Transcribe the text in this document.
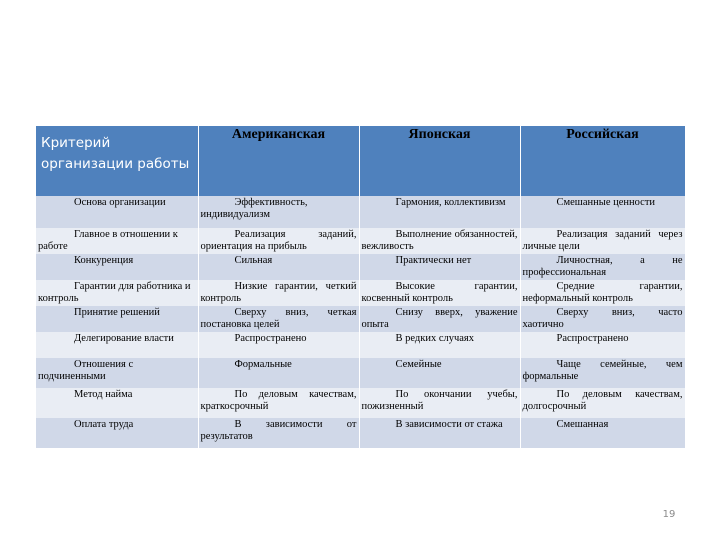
Критерий организации работы	Американская	Японская	Российская
Основа организации	Эффективность, индивидуализм	Гармония, коллективизм	Смешанные ценности
Главное в отношении к работе	Реализация заданий, ориентация на прибыль	Выполнение обязанностей, вежливость	Реализация заданий через личные цели
Конкуренция	Сильная	Практически нет	Личностная, а не профессиональная
Гарантии для работника и контроль	Низкие гарантии, четкий контроль	Высокие гарантии, косвенный контроль	Средние гарантии, неформальный контроль
Принятие решений	Сверху вниз, четкая постановка целей	Снизу вверх, уважение опыта	Сверху вниз, часто хаотично
Делегирование власти	Распространено	В редких случаях	Распространено
Отношения с подчиненными	Формальные	Семейные	Чаще семейные, чем формальные
Метод найма	По деловым качествам, краткосрочный	По окончании учебы, пожизненный	По деловым качествам, долгосрочный
Оплата труда	В зависимости от результатов	В зависимости от стажа	Смешанная
19
